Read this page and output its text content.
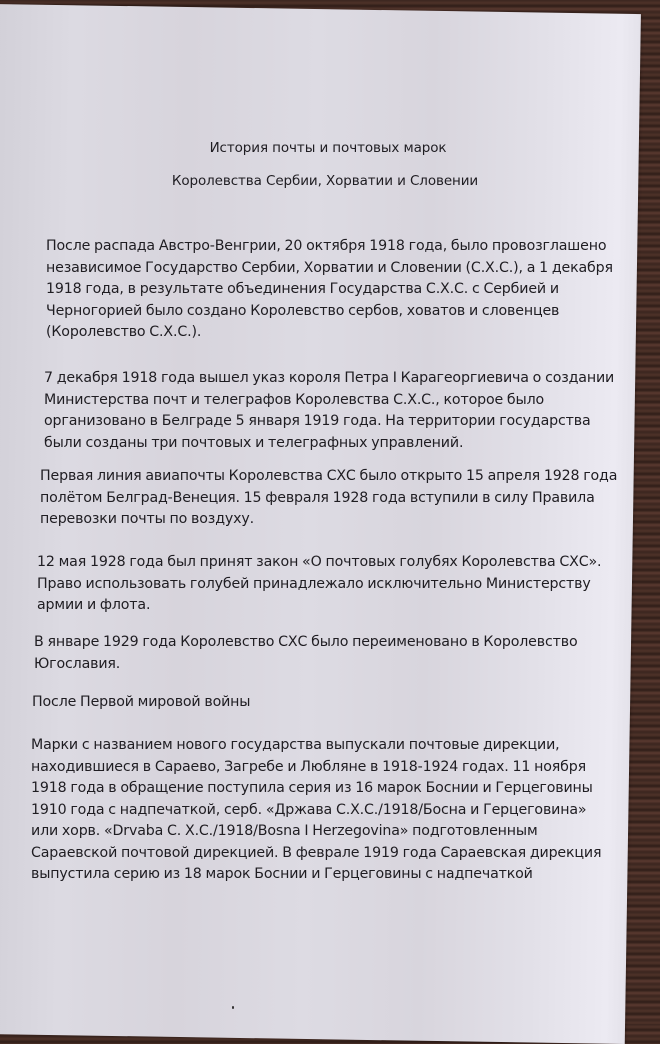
История почты и почтовых марок
Королевства Сербии, Хорватии и Словении
После распада Австро-Венгрии, 20 октября 1918 года, было провозглашено
независимое Государство Сербии, Хорватии и Словении (С.Х.С.), а 1 декабря
1918 года, в результате объединения Государства С.Х.С. с Сербией и
Черногорией было создано Королевство сербов, ховатов и словенцев
(Королевство С.Х.С.).
7 декабря 1918 года вышел указ короля Петра I Карагеоргиевича о создании
Министерства почт и телеграфов Королевства С.Х.С., которое было
организовано в Белграде 5 января 1919 года. На территории государства
были созданы три почтовых и телеграфных управлений.
Первая линия авиапочты Королевства СХС было открыто 15 апреля 1928 года
полётом Белград-Венеция. 15 февраля 1928 года вступили в силу Правила
перевозки почты по воздуху.
12 мая 1928 года был принят закон «О почтовых голубях Королевства СХС».
Право использовать голубей принадлежало исключительно Министерству
армии и флота.
В январе 1929 года Королевство СХС было переименовано в Королевство
Югославия.
После Первой мировой войны
Марки с названием нового государства выпускали почтовые дирекции,
находившиеся в Сараево, Загребе и Любляне в 1918-1924 годах. 11 ноября
1918 года в обращение поступила серия из 16 марок Боснии и Герцеговины
1910 года с надпечаткой, серб. «Држава С.Х.С./1918/Босна и Герцеговина»
или хорв. «Drvaba C. X.C./1918/Bosna I Herzegovina» подготовленным
Сараевской почтовой дирекцией. В феврале 1919 года Сараевская дирекция
выпустила серию из 18 марок Боснии и Герцеговины с надпечаткой
